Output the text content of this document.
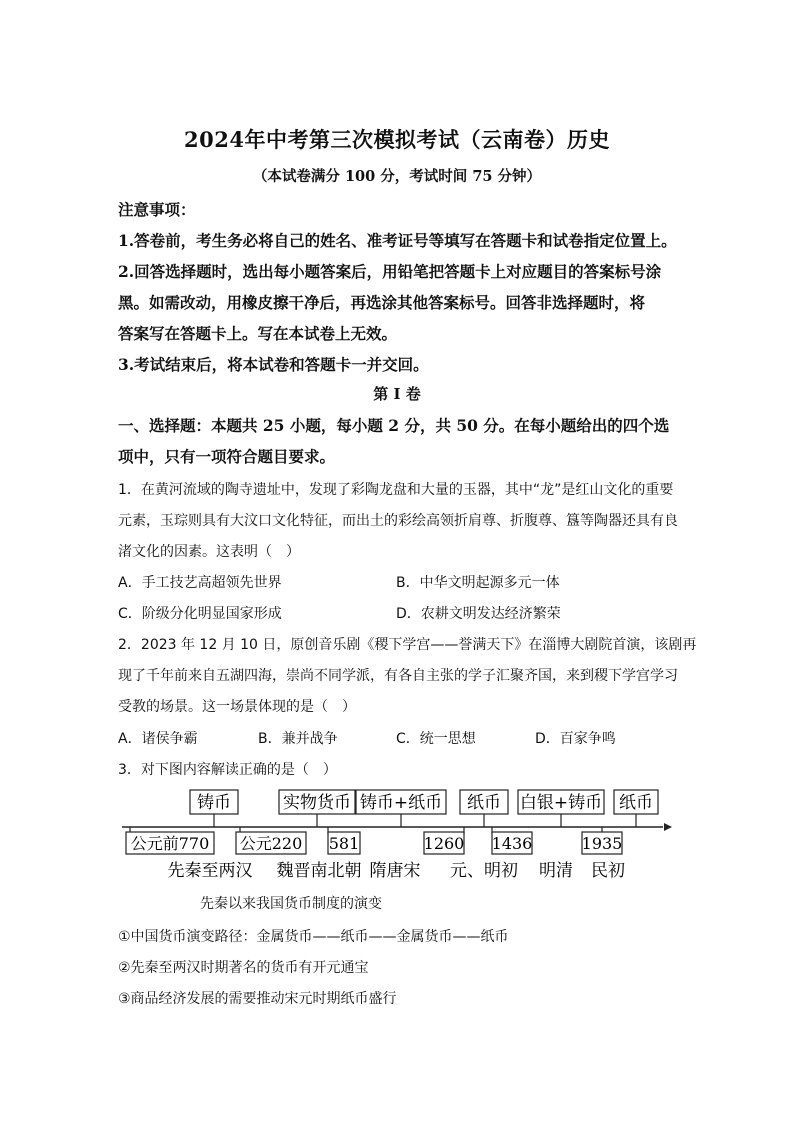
2024年中考第三次模拟考试（云南卷）历史
（本试卷满分 100 分，考试时间 75 分钟）
注意事项：
1.答卷前，考生务必将自己的姓名、准考证号等填写在答题卡和试卷指定位置上。
2.回答选择题时，选出每小题答案后，用铅笔把答题卡上对应题目的答案标号涂
黑。如需改动，用橡皮擦干净后，再选涂其他答案标号。回答非选择题时，将
答案写在答题卡上。写在本试卷上无效。
3.考试结束后，将本试卷和答题卡一并交回。
第 I 卷
一、选择题：本题共 25 小题，每小题 2 分，共 50 分。在每小题给出的四个选
项中，只有一项符合题目要求。
1．在黄河流域的陶寺遗址中，发现了彩陶龙盘和大量的玉器，其中“龙”是红山文化的重要
元素，玉琮则具有大汶口文化特征，而出土的彩绘高领折肩尊、折腹尊、簋等陶器还具有良
渚文化的因素。这表明（　）
A．手工技艺高超领先世界	B．中华文明起源多元一体
C．阶级分化明显国家形成	D．农耕文明发达经济繁荣
2．2023 年 12 月 10 日，原创音乐剧《稷下学宫——誉满天下》在淄博大剧院首演，该剧再
现了千年前来自五湖四海，崇尚不同学派，有各自主张的学子汇聚齐国，来到稷下学宫学习
受教的场景。这一场景体现的是（　）
A．诸侯争霸	B．兼并战争	C．统一思想	D．百家争鸣
3．对下图内容解读正确的是（　）
铸币	实物货币 铸币+纸币 纸币 白银+铸币 纸币
公元前770 公元220 581	1260 1436	1935
先秦至两汉 魏晋南北朝 隋唐宋 元、明初 明清 民初
先秦以来我国货币制度的演变
①中国货币演变路径：金属货币——纸币——金属货币——纸币
②先秦至两汉时期著名的货币有开元通宝
③商品经济发展的需要推动宋元时期纸币盛行
